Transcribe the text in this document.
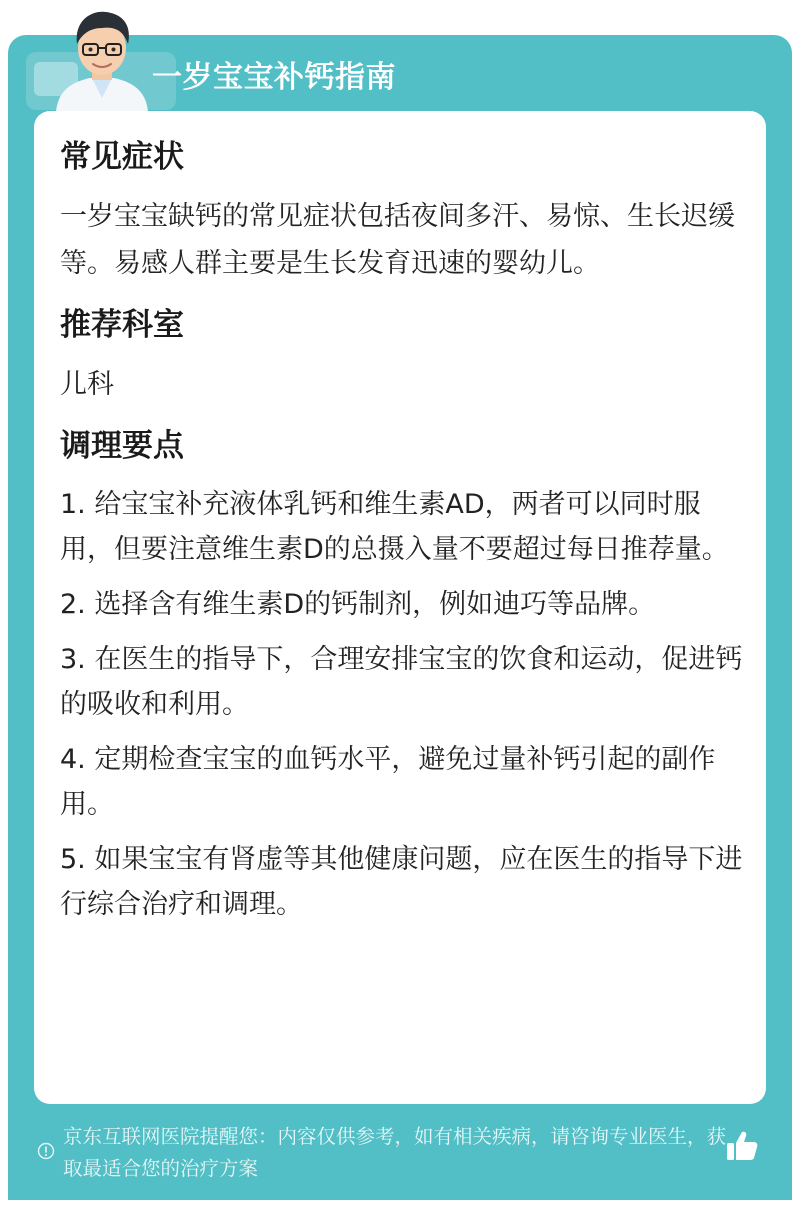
一岁宝宝补钙指南
常见症状
一岁宝宝缺钙的常见症状包括夜间多汗、易惊、生长迟缓等。易感人群主要是生长发育迅速的婴幼儿。
推荐科室
儿科
调理要点
1. 给宝宝补充液体乳钙和维生素AD，两者可以同时服用，但要注意维生素D的总摄入量不要超过每日推荐量。
2. 选择含有维生素D的钙制剂，例如迪巧等品牌。
3. 在医生的指导下，合理安排宝宝的饮食和运动，促进钙的吸收和利用。
4. 定期检查宝宝的血钙水平，避免过量补钙引起的副作用。
5. 如果宝宝有肾虚等其他健康问题，应在医生的指导下进行综合治疗和调理。
京东互联网医院提醒您：内容仅供参考，如有相关疾病，请咨询专业医生，获取最适合您的治疗方案
